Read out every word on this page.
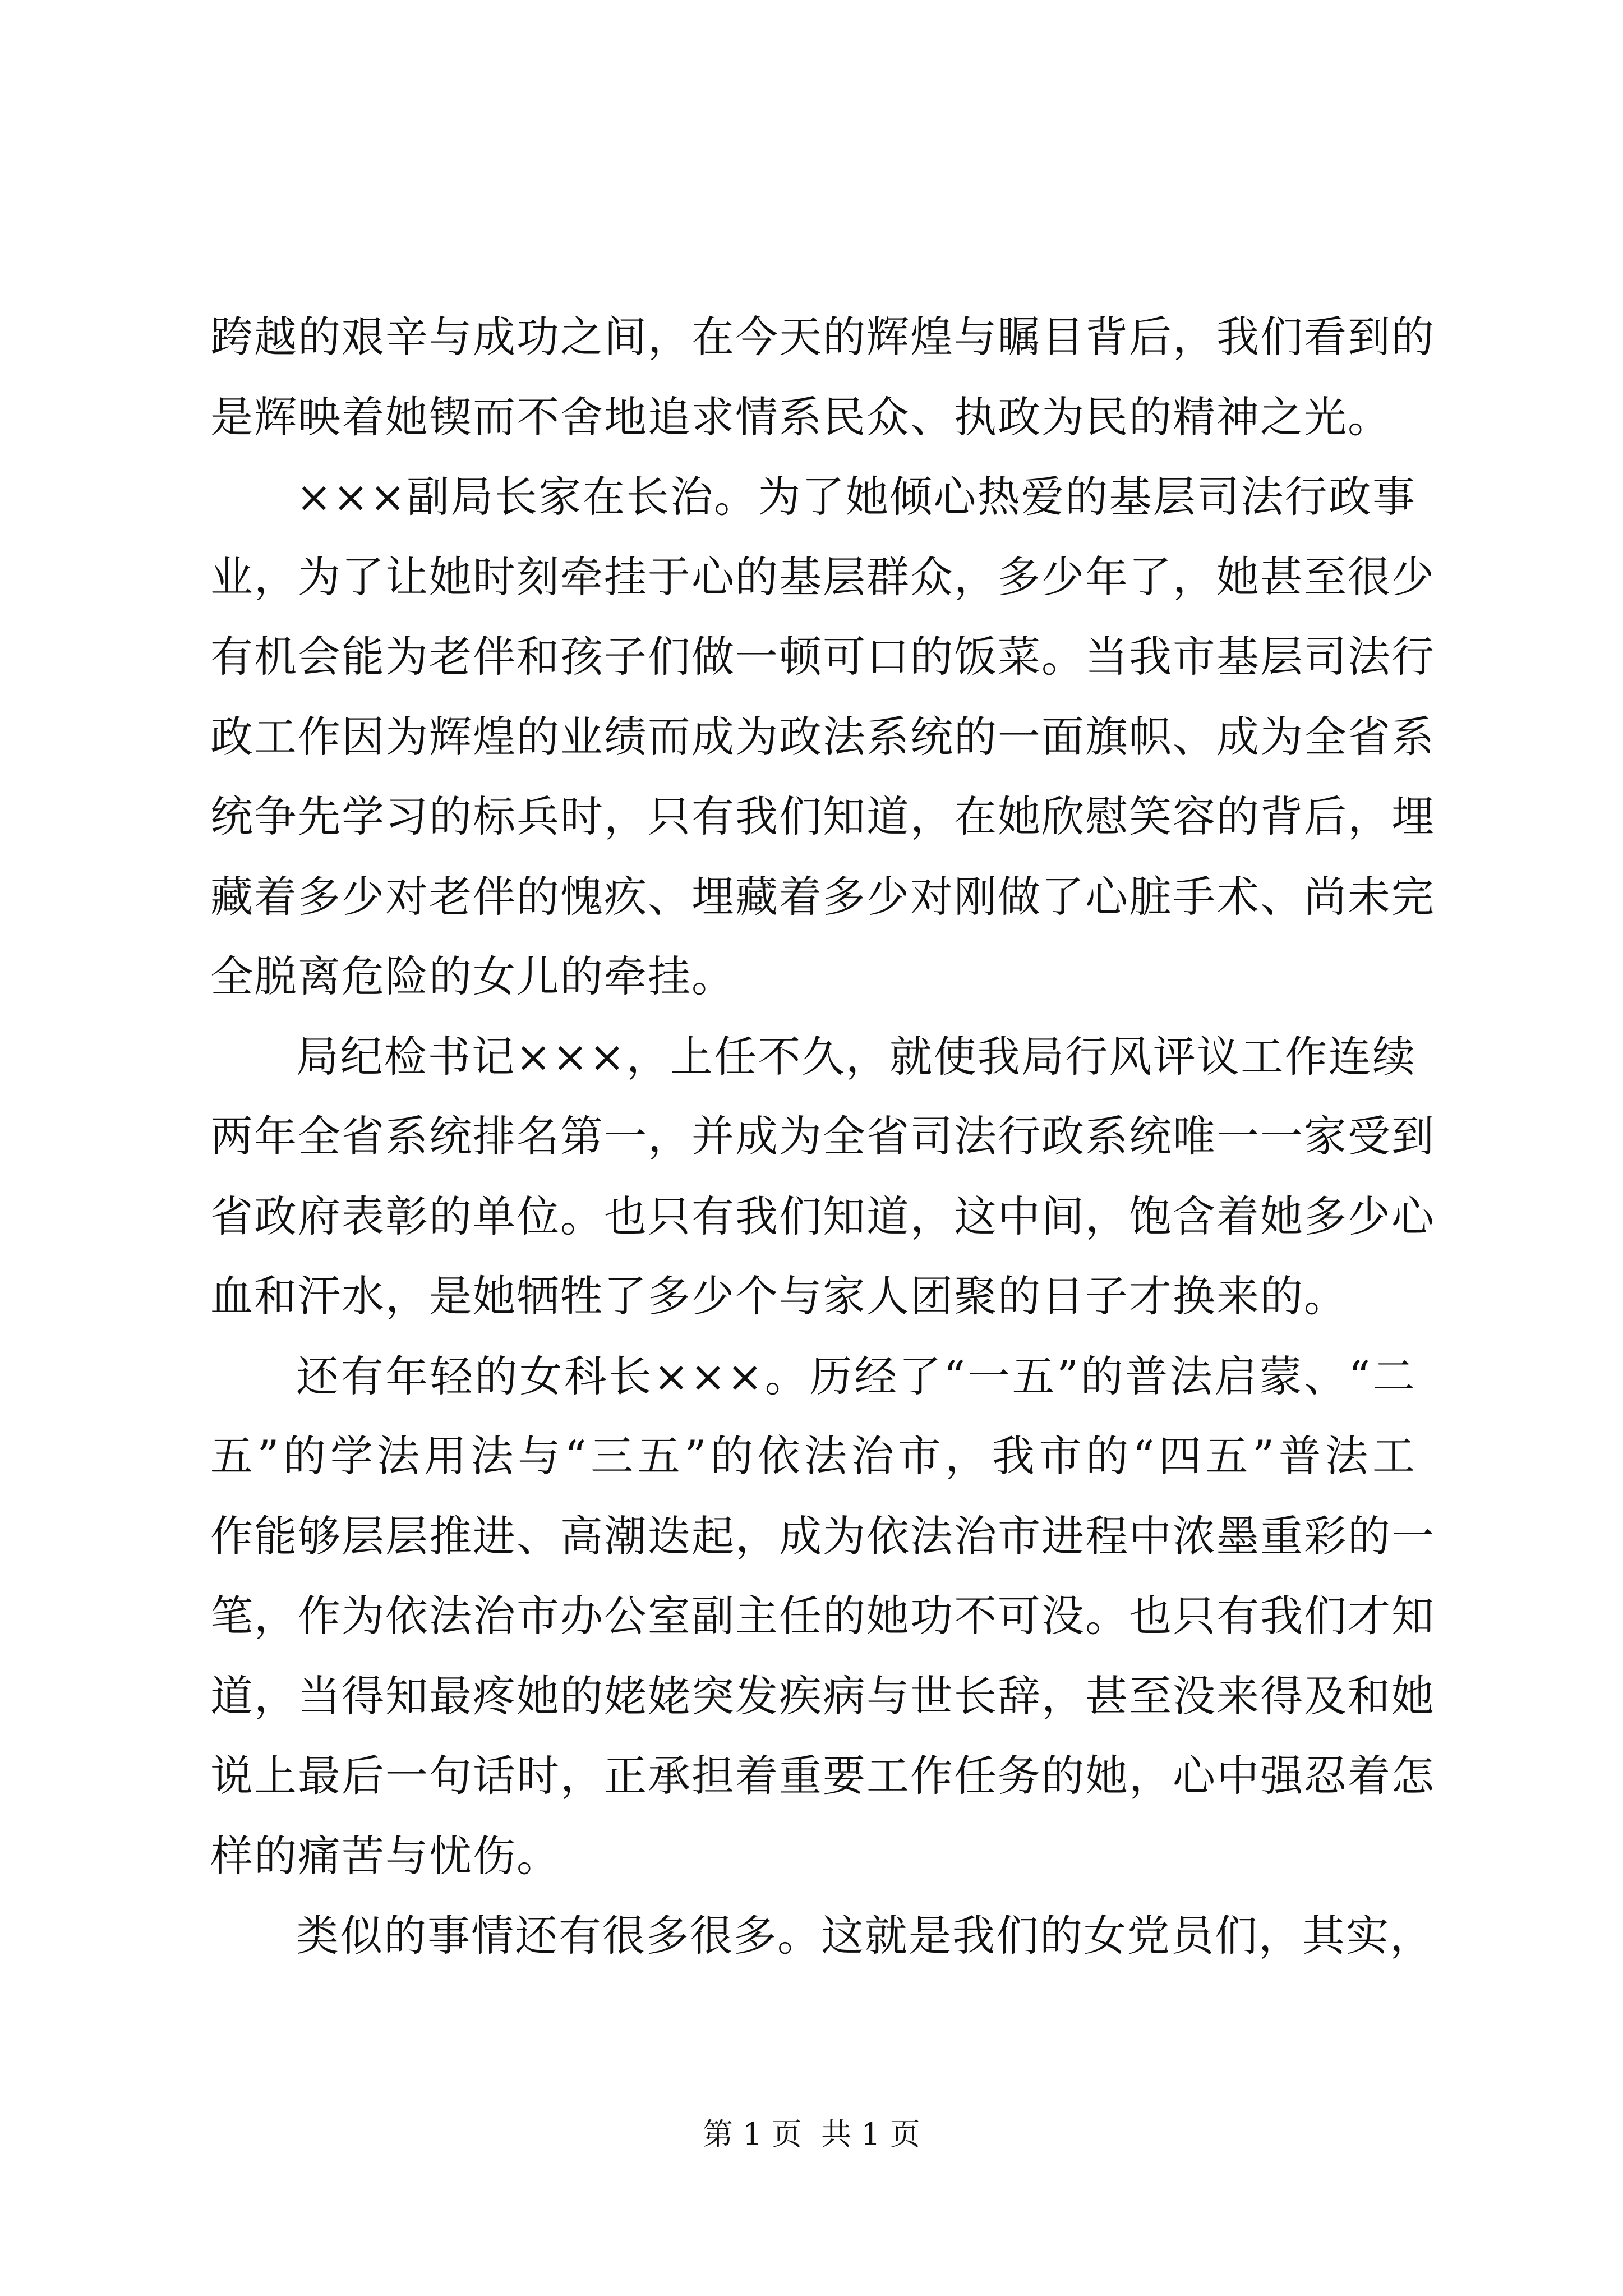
跨越的艰辛与成功之间，在今天的辉煌与瞩目背后，我们看到的
是辉映着她锲而不舍地追求情系民众、执政为民的精神之光。
×××副局长家在长治。为了她倾心热爱的基层司法行政事
业，为了让她时刻牵挂于心的基层群众，多少年了，她甚至很少
有机会能为老伴和孩子们做一顿可口的饭菜。当我市基层司法行
政工作因为辉煌的业绩而成为政法系统的一面旗帜、成为全省系
统争先学习的标兵时，只有我们知道，在她欣慰笑容的背后，埋
藏着多少对老伴的愧疚、埋藏着多少对刚做了心脏手术、尚未完
全脱离危险的女儿的牵挂。
局纪检书记×××，上任不久，就使我局行风评议工作连续
两年全省系统排名第一，并成为全省司法行政系统唯一一家受到
省政府表彰的单位。也只有我们知道，这中间，饱含着她多少心
血和汗水，是她牺牲了多少个与家人团聚的日子才换来的。
还有年轻的女科长×××。历经了“一五”的普法启蒙、“二
五”的学法用法与“三五”的依法治市，我市的“四五”普法工
作能够层层推进、高潮迭起，成为依法治市进程中浓墨重彩的一
笔，作为依法治市办公室副主任的她功不可没。也只有我们才知
道，当得知最疼她的姥姥突发疾病与世长辞，甚至没来得及和她
说上最后一句话时，正承担着重要工作任务的她，心中强忍着怎
样的痛苦与忧伤。
类似的事情还有很多很多。这就是我们的女党员们，其实，
第 1 页  共 1 页
